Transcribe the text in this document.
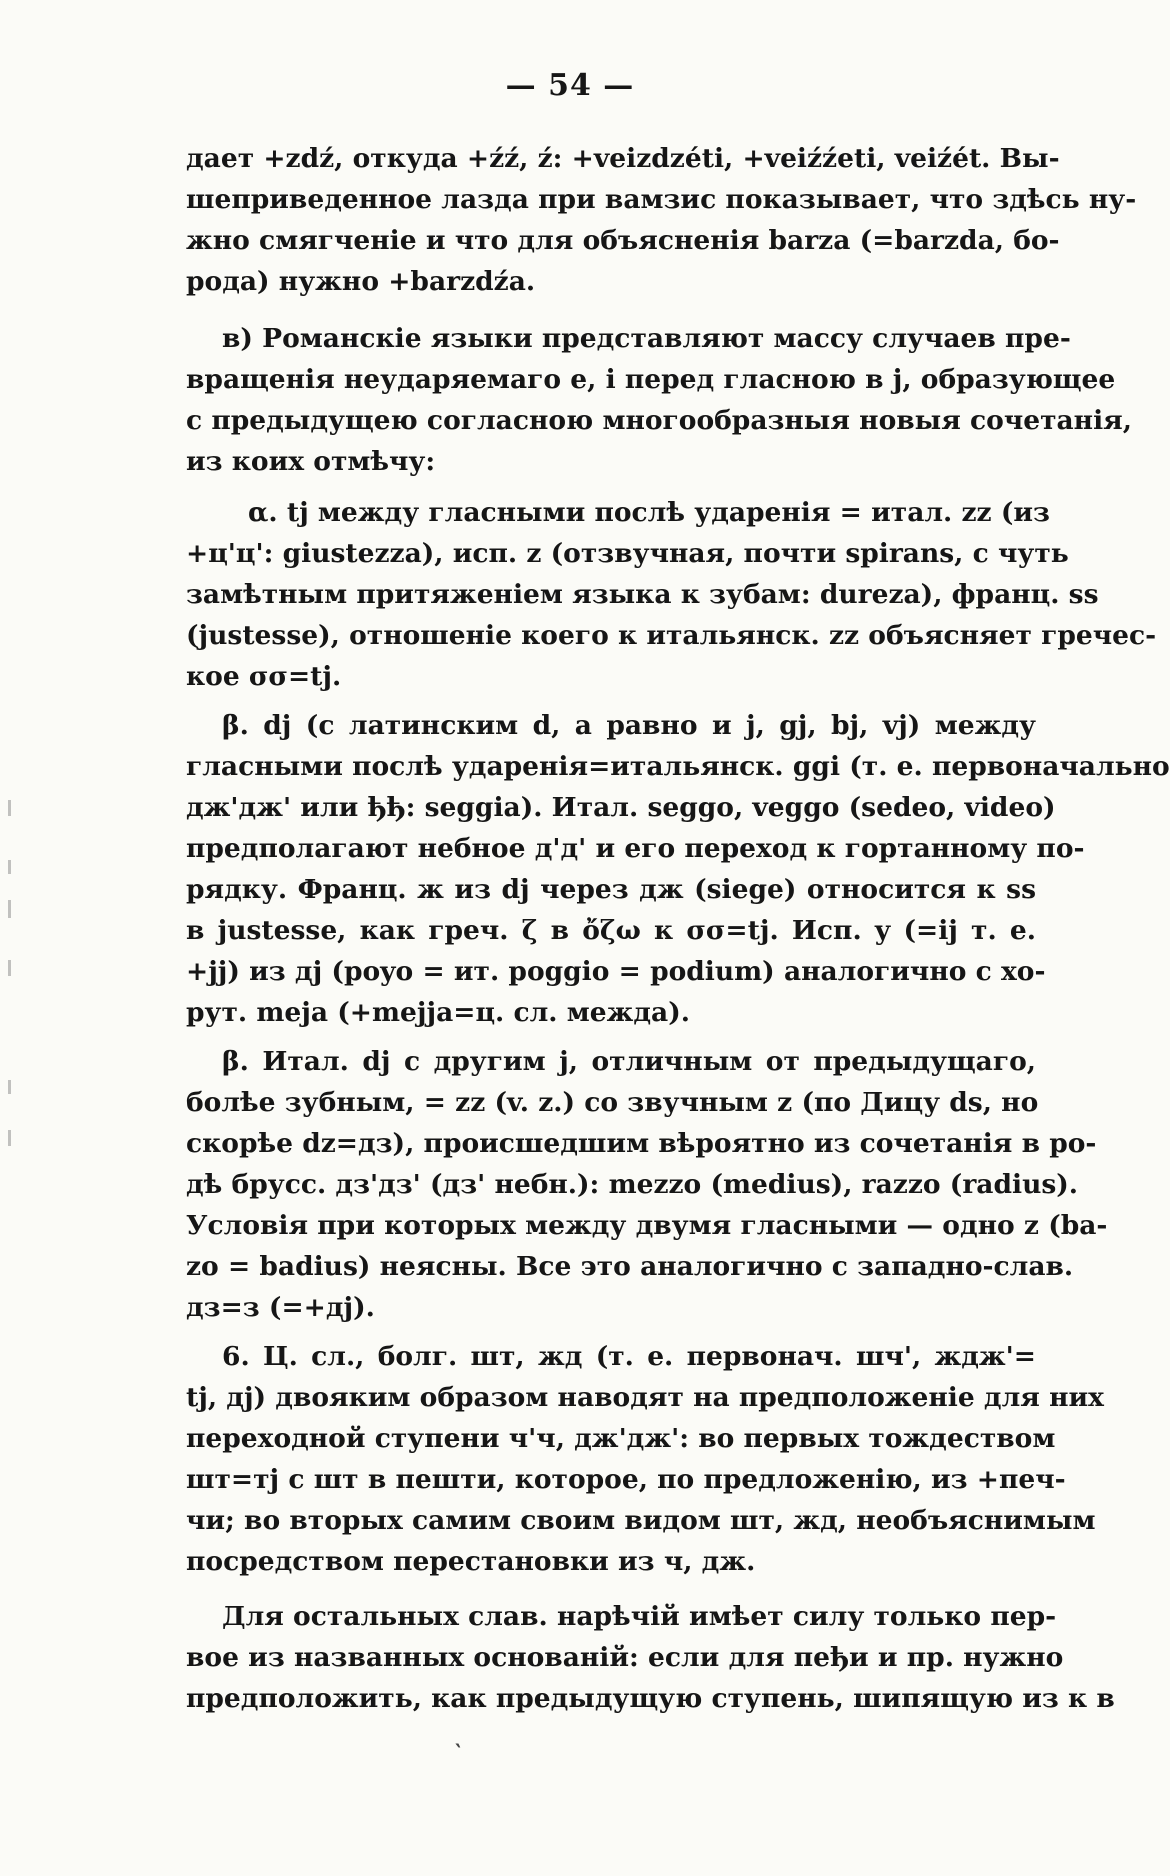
— 54 —
‵
дает +zdź, откуда +źź, ź: +veizdzéti, +veiźźeti, veiźét. Вы-
шеприведенное лазда при вамзис показывает, что здѣсь ну-
жно смягченіе и что для объясненія barza (=barzda, бо-
рода) нужно +barzdźa.
в) Романскіе языки представляют массу случаев пре-
вращенія неударяемаго e, i перед гласною в j, образующее
с предыдущею согласною многообразныя новыя сочетанія,
из коих отмѣчу:
α. tj между гласными послѣ ударенія = итал. zz (из
+ц'ц': giustezza), исп. z (отзвучная, почти spirans, с чуть
замѣтным притяженіем языка к зубам: dureza), франц. ss
(justesse), отношеніе коего к итальянск. zz объясняет гречес-
кое σσ=tj.
β. dj (с латинским d, а равно и j, gj, bj, vj) между
гласными послѣ ударенія=итальянск. ggi (т. е. первоначально
дж'дж' или ђђ: seggia). Итал. seggo, veggo (sedeo, video)
предполагают небное д'д' и его переход к гортанному по-
рядку. Франц. ж из dj через дж (siege) относится к ss
в justesse, как греч. ζ в ὄζω к σσ=tj. Исп. y (=ij т. е.
+jj) из дj (poyo = ит. poggio = podium) аналогично с хо-
рут. meja (+mejja=ц. сл. межда).
β. Итал. dj с другим j, отличным от предыдущаго,
болѣе зубным, = zz (v. z.) со звучным z (по Дицу ds, но
скорѣе dz=дз), происшедшим вѣроятно из сочетанія в ро-
дѣ брусс. дз'дз' (дз' небн.): mezzo (medius), razzo (radius).
Условія при которых между двумя гласными — одно z (ba-
zo = badius) неясны. Все это аналогично с западно-слав.
дз=з (=+дj).
6. Ц. сл., болг. шт, жд (т. е. первонач. шч', ждж'=
tj, дj) двояким образом наводят на предположеніе для них
переходной ступени ч'ч, дж'дж': во первых тождеством
шт=тj с шт в пешти, которое, по предложенію, из +печ-
чи; во вторых самим своим видом шт, жд, необъяснимым
посредством перестановки из ч, дж.
Для остальных слав. нарѣчій имѣет силу только пер-
вое из названных основаній: если для пеђи и пр. нужно
предположить, как предыдущую ступень, шипящую из к в
